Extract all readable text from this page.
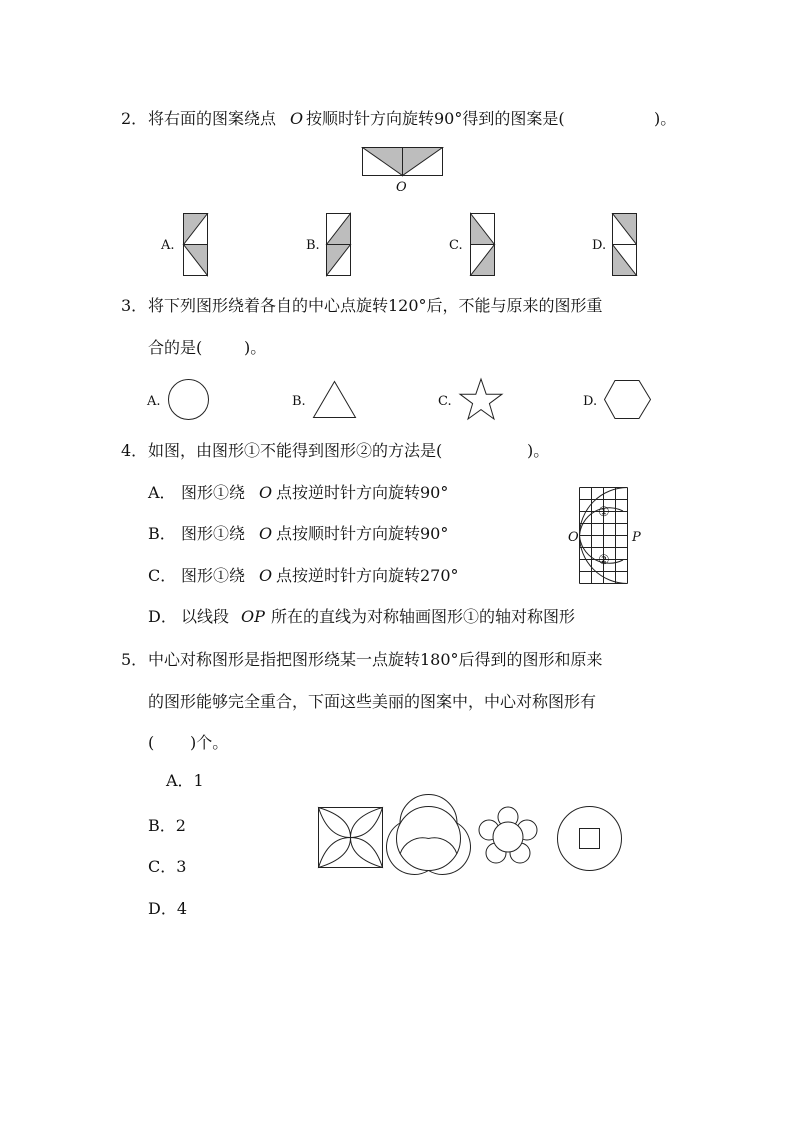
2． 将右面的图案绕点 O 按顺时针方向旋转90°得到的图案是(	)。
O
A.	B.	C.	D.
3． 将下列图形绕着各自的中心点旋转120°后，不能与原来的图形重
合的是(	)。
A.	B.	C.	D.
4． 如图，由图形①不能得到图形②的方法是(	)。
A． 图形①绕 O 点按逆时针方向旋转90°
B． 图形①绕 O 点按顺时针方向旋转90°
C． 图形①绕 O 点按逆时针方向旋转270°
D． 以线段 OP 所在的直线为对称轴画图形①的轴对称图形
O	P
①
②
5． 中心对称图形是指把图形绕某一点旋转180°后得到的图形和原来
的图形能够完全重合，下面这些美丽的图案中，中心对称图形有
( )个。
A．1
B．2
C．3
D．4
